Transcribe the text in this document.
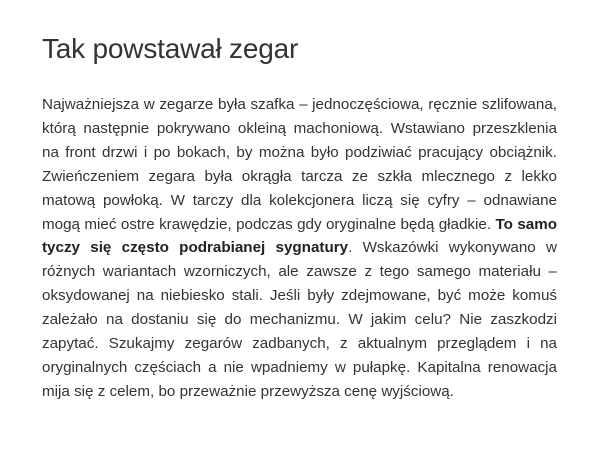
Tak powstawał zegar

Najważniejsza w zegarze była szafka – jednoczęściowa, ręcznie szlifowana, którą następnie pokrywano okleiną machoniową. Wstawiano przeszklenia na front drzwi i po bokach, by można było podziwiać pracujący obciążnik. Zwieńczeniem zegara była okrągła tarcza ze szkła mlecznego z lekko matową powłoką. W tarczy dla kolekcjonera liczą się cyfry – odnawiane mogą mieć ostre krawędzie, podczas gdy oryginalne będą gładkie. To samo tyczy się często podrabianej sygnatury. Wskazówki wykonywano w różnych wariantach wzorniczych, ale zawsze z tego samego materiału – oksydowanej na niebiesko stali. Jeśli były zdejmowane, być może komuś zależało na dostaniu się do mechanizmu. W jakim celu? Nie zaszkodzi zapytać. Szukajmy zegarów zadbanych, z aktualnym przeglądem i na oryginalnych częściach a nie wpadniemy w pułapkę. Kapitalna renowacja mija się z celem, bo przeważnie przewyższa cenę wyjściową.
